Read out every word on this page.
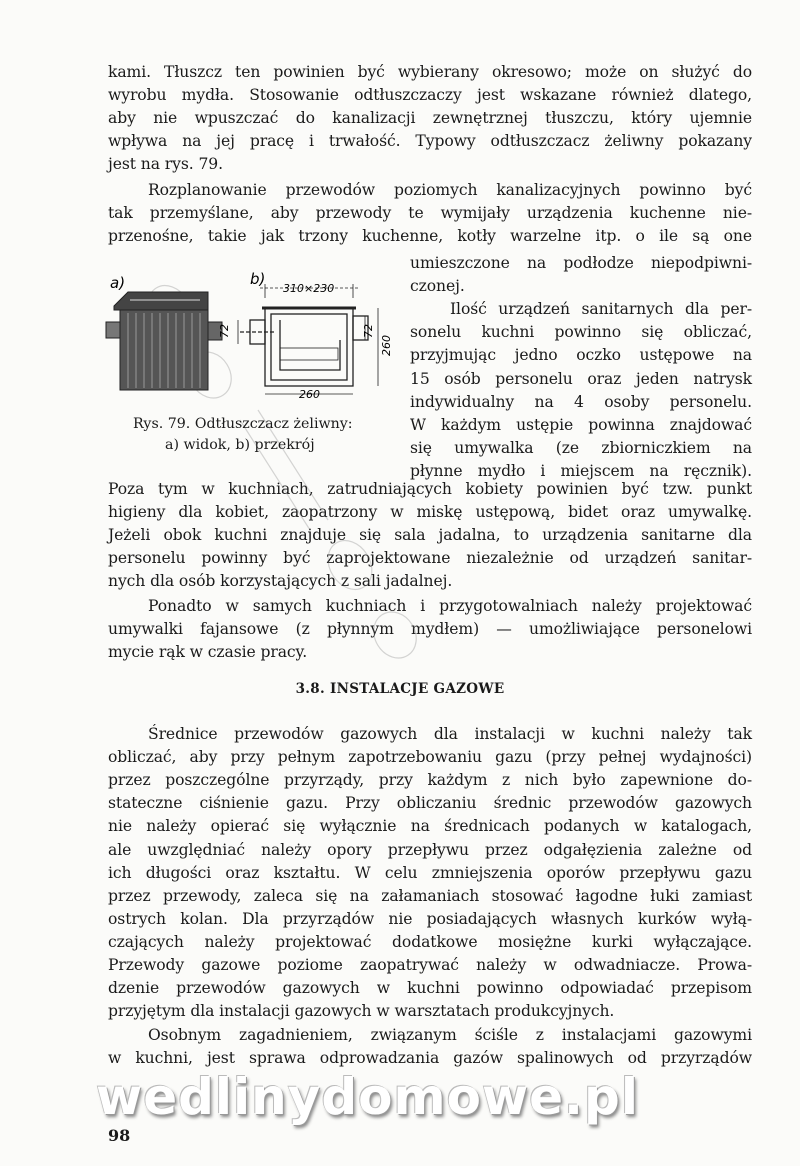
kami. Tłuszcz ten powinien być wybierany okresowo; może on służyć do
wyrobu mydła. Stosowanie odtłuszczaczy jest wskazane również dlatego,
aby nie wpuszczać do kanalizacji zewnętrznej tłuszczu, który ujemnie
wpływa na jej pracę i trwałość. Typowy odtłuszczacz żeliwny pokazany
jest na rys. 79.
Rozplanowanie przewodów poziomych kanalizacyjnych powinno być
tak przemyślane, aby przewody te wymijały urządzenia kuchenne nie-
przenośne, takie jak trzony kuchenne, kotły warzelne itp. o ile są one
umieszczone na podłodze niepodpiwni-
czonej.
Ilość urządzeń sanitarnych dla per-
sonelu kuchni powinno się obliczać,
przyjmując jedno oczko ustępowe na
15 osób personelu oraz jeden natrysk
indywidualny na 4 osoby personelu.
W każdym ustępie powinna znajdować
się umywalka (ze zbiorniczkiem na
płynne mydło i miejscem na ręcznik).
Poza tym w kuchniach, zatrudniających kobiety powinien być tzw. punkt
higieny dla kobiet, zaopatrzony w miskę ustępową, bidet oraz umywalkę.
Jeżeli obok kuchni znajduje się sala jadalna, to urządzenia sanitarne dla
personelu powinny być zaprojektowane niezależnie od urządzeń sanitar-
nych dla osób korzystających z sali jadalnej.
Ponadto w samych kuchniach i przygotowalniach należy projektować
umywalki fajansowe (z płynnym mydłem) — umożliwiające personelowi
mycie rąk w czasie pracy.
Średnice przewodów gazowych dla instalacji w kuchni należy tak
obliczać, aby przy pełnym zapotrzebowaniu gazu (przy pełnej wydajności)
przez poszczególne przyrządy, przy każdym z nich było zapewnione do-
stateczne ciśnienie gazu. Przy obliczaniu średnic przewodów gazowych
nie należy opierać się wyłącznie na średnicach podanych w katalogach,
ale uwzględniać należy opory przepływu przez odgałęzienia zależne od
ich długości oraz kształtu. W celu zmniejszenia oporów przepływu gazu
przez przewody, zaleca się na załamaniach stosować łagodne łuki zamiast
ostrych kolan. Dla przyrządów nie posiadających własnych kurków wyłą-
czających należy projektować dodatkowe mosiężne kurki wyłączające.
Przewody gazowe poziome zaopatrywać należy w odwadniacze. Prowa-
dzenie przewodów gazowych w kuchni powinno odpowiadać przepisom
przyjętym dla instalacji gazowych w warsztatach produkcyjnych.
Osobnym zagadnieniem, związanym ściśle z instalacjami gazowymi
w kuchni, jest sprawa odprowadzania gazów spalinowych od przyrządów
3.8. INSTALACJE GAZOWE
a)	b)
310×230
72	72
260
260
Rys. 79. Odtłuszczacz żeliwny:
a) widok, b) przekrój
wedlinydomowe.pl
98
